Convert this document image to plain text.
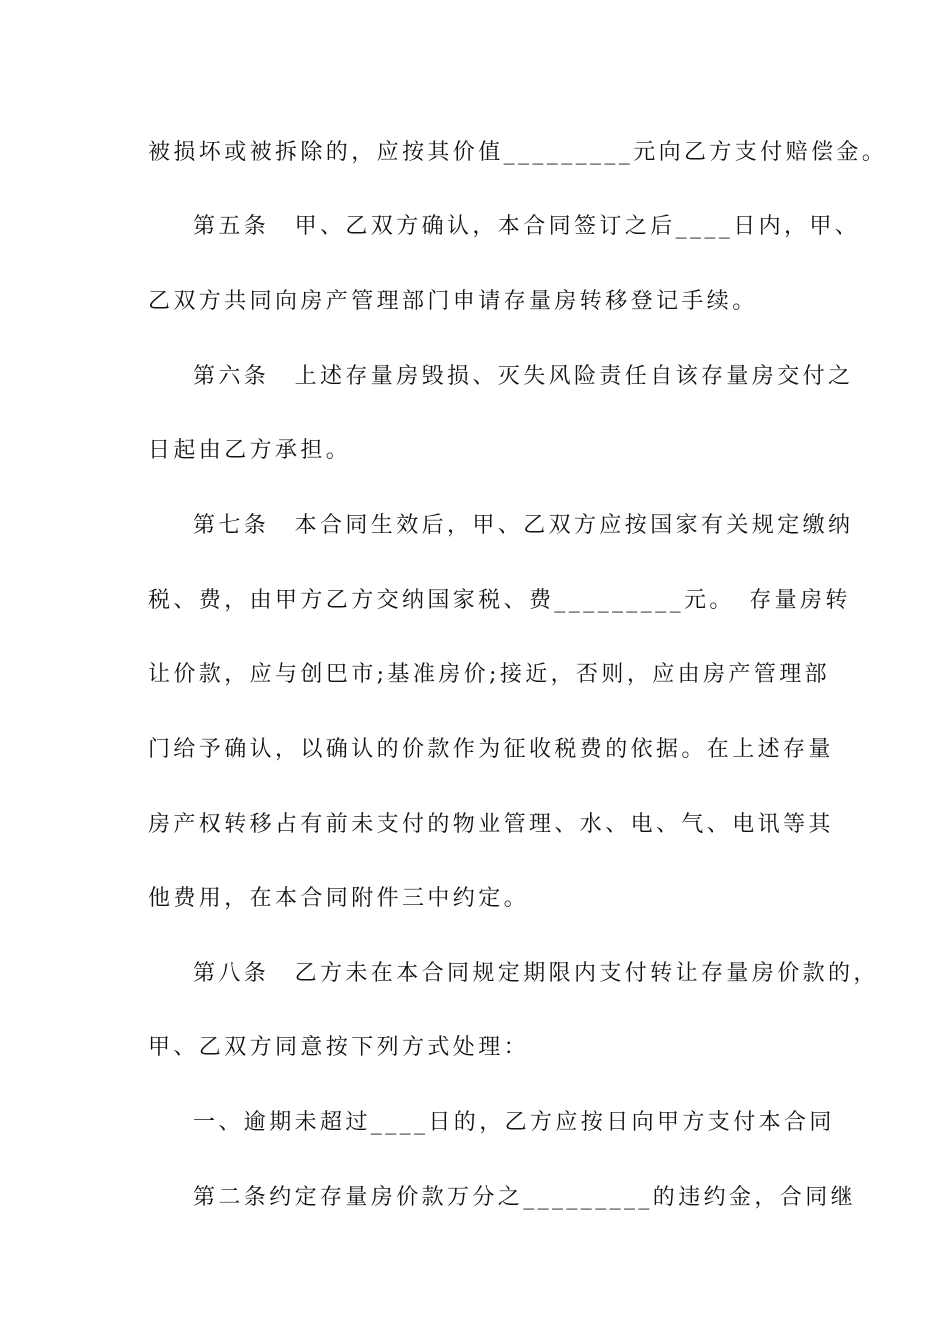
被损坏或被拆除的，应按其价值_________元向乙方支付赔偿金。
第五条　甲、乙双方确认，本合同签订之后____日内，甲、
乙双方共同向房产管理部门申请存量房转移登记手续。
第六条　上述存量房毁损、灭失风险责任自该存量房交付之
日起由乙方承担。
第七条　本合同生效后，甲、乙双方应按国家有关规定缴纳
税、费，由甲方乙方交纳国家税、费_________元。　存量房转
让价款，应与创巴市;基准房价;接近，否则，应由房产管理部
门给予确认，以确认的价款作为征收税费的依据。在上述存量
房产权转移占有前未支付的物业管理、水、电、气、电讯等其
他费用，在本合同附件三中约定。
第八条　乙方未在本合同规定期限内支付转让存量房价款的，
甲、乙双方同意按下列方式处理：
一、逾期未超过____日的，乙方应按日向甲方支付本合同
第二条约定存量房价款万分之_________的违约金，合同继
